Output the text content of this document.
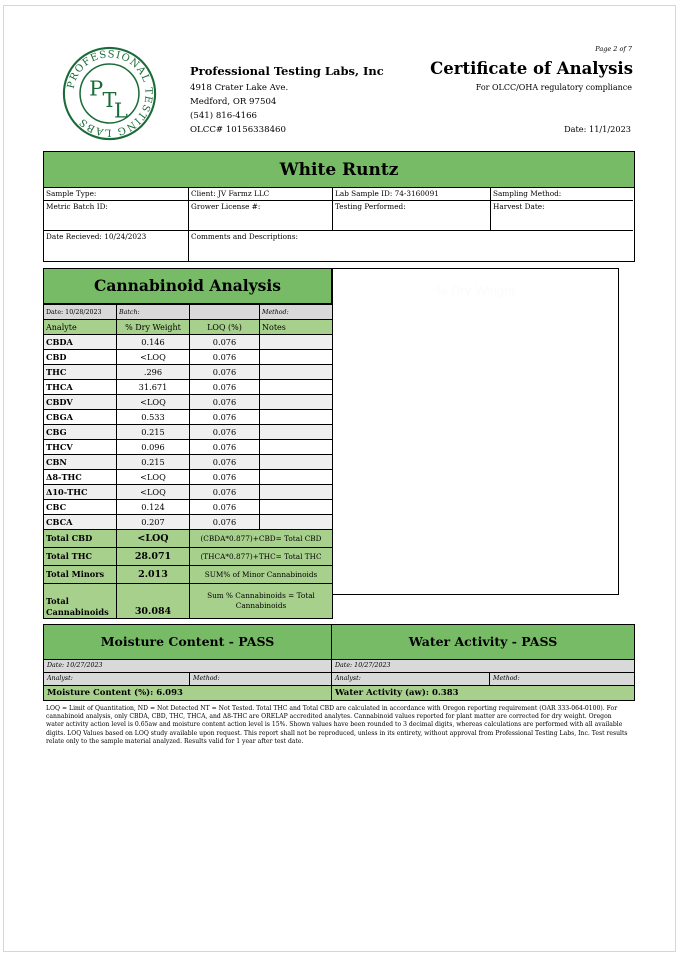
PROFESSIONAL TESTING LABS
P T
L
Professional Testing Labs, Inc
4918 Crater Lake Ave.
Medford, OR 97504
(541) 816-4166
OLCC# 10156338460
Page 2 of 7
Certificate of Analysis
For OLCC/OHA regulatory compliance
Date: 11/1/2023
White Runtz
Sample Type:	Client: JV Farmz LLC	Lab Sample ID: 74-3160091	Sampling Method:
Metric Batch ID:	Grower License #:	Testing Performed:	Harvest Date:
Date Recieved: 10/24/2023	Comments and Descriptions:
Cannabinoid Analysis
Date: 10/28/2023	Batch:		Method:
Analyte	% Dry Weight	LOQ (%)	Notes
CBDA	0.146	0.076	
CBD	<LOQ	0.076	
THC	.296	0.076	
THCA	31.671	0.076	
CBDV	<LOQ	0.076	
CBGA	0.533	0.076	
CBG	0.215	0.076	
THCV	0.096	0.076	
CBN	0.215	0.076	
Δ8-THC	<LOQ	0.076	
Δ10-THC	<LOQ	0.076	
CBC	0.124	0.076	
CBCA	0.207	0.076	
Total CBD	<LOQ	(CBDA*0.877)+CBD= Total CBD	
Total THC	28.071	(THCA*0.877)+THC= Total THC	
Total Minors	2.013	SUM% of Minor Cannabinoids	
Total Cannabinoids	30.084	Sum % Cannabinoids = Total Cannabinoids	
% Dry Weight
Moisture Content - PASS
Date: 10/27/2023
Analyst:	Method:
Moisture Content (%): 6.093
Water Activity - PASS
Date: 10/27/2023
Analyst:	Method:
Water Activity (aw): 0.383
LOQ = Limit of Quantitation, ND = Not Detected NT = Not Tested. Total THC and Total CBD are calculated in accordance with Oregon reporting requirement (OAR 333-064-0100). For cannabinoid analysis, only CBDA, CBD, THC, THCA, and Δ8-THC are ORELAP accredited analytes. Cannabinoid values reported for plant matter are corrected for dry weight. Oregon water activity action level is 0.65aw and moisture content action level is 15%. Shown values have been rounded to 3 decimal digits, whereas calculations are performed with all available digits. LOQ Values based on LOQ study available upon request. This report shall not be reproduced, unless in its entirety, without approval from Professional Testing Labs, Inc. Test results relate only to the sample material analyzed. Results valid for 1 year after test date.
